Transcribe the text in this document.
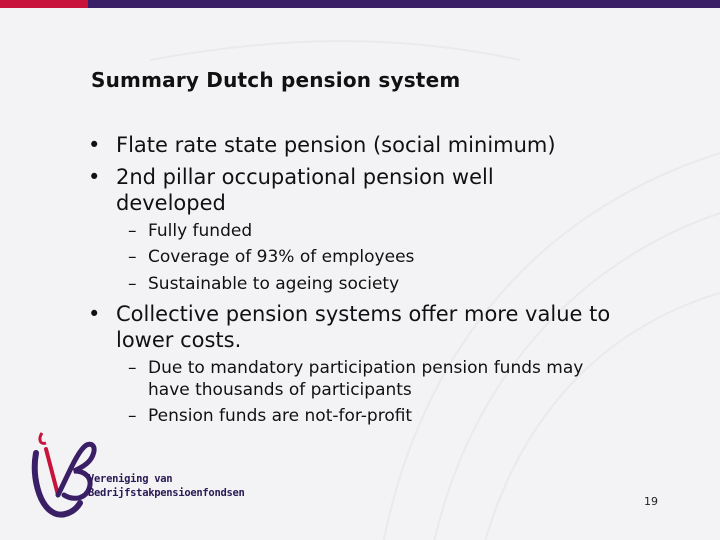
Summary Dutch pension system
• Flate rate state pension (social minimum)
• 2nd pillar occupational pension well developed
– Fully funded
– Coverage of 93% of employees
– Sustainable to ageing society
• Collective pension systems offer more value to lower costs.
– Due to mandatory participation pension funds may have thousands of participants
– Pension funds are not-for-profit
Vereniging van
Bedrijfstakpensioenfondsen
19
